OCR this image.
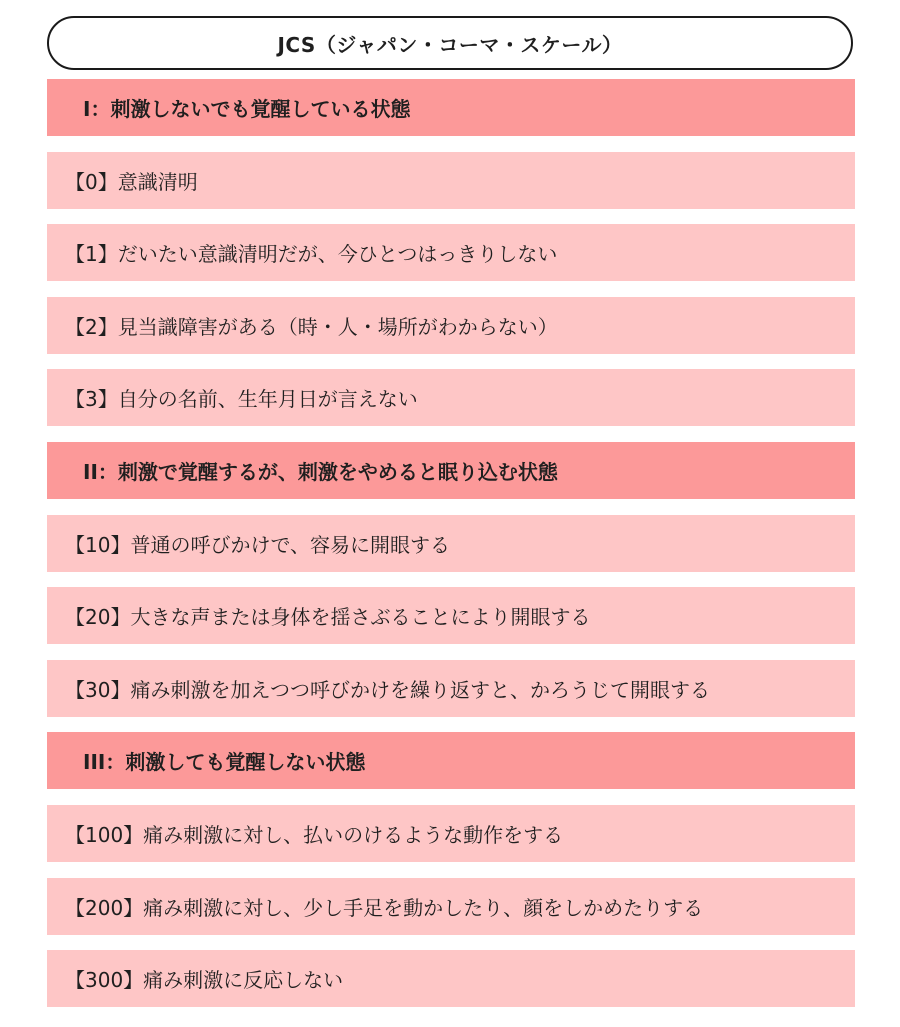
JCS（ジャパン・コーマ・スケール）
I：刺激しないでも覚醒している状態
【0】意識清明
【1】だいたい意識清明だが、今ひとつはっきりしない
【2】見当識障害がある（時・人・場所がわからない）
【3】自分の名前、生年月日が言えない
II：刺激で覚醒するが、刺激をやめると眠り込む状態
【10】普通の呼びかけで、容易に開眼する
【20】大きな声または身体を揺さぶることにより開眼する
【30】痛み刺激を加えつつ呼びかけを繰り返すと、かろうじて開眼する
III：刺激しても覚醒しない状態
【100】痛み刺激に対し、払いのけるような動作をする
【200】痛み刺激に対し、少し手足を動かしたり、顔をしかめたりする
【300】痛み刺激に反応しない
